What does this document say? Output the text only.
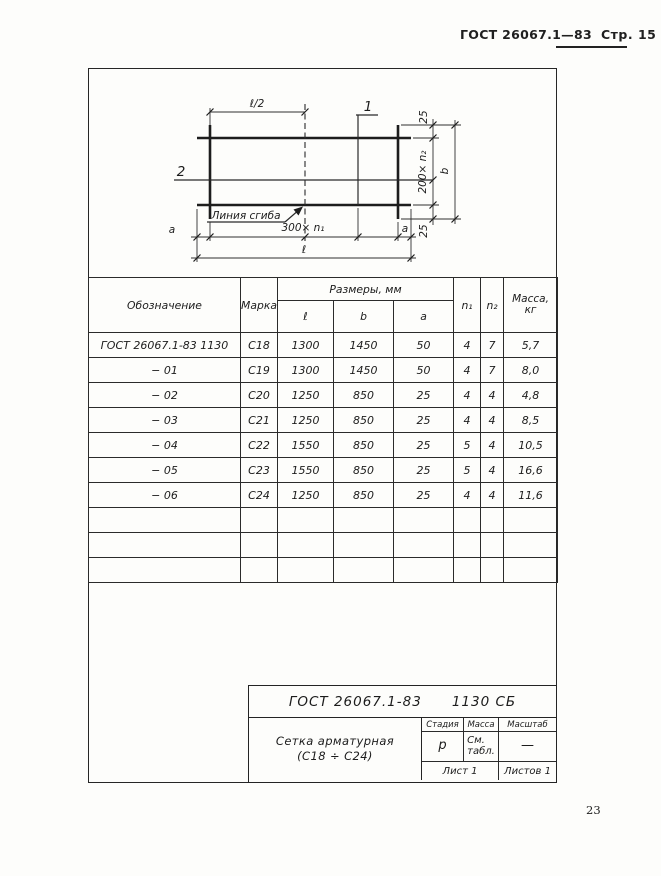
ГОСТ 26067.1—83 Стр. 15
ℓ/2	1
2
Линия сгиба
a	300× n₁	a
ℓ
25
200× n₂
25
b
Обозначение	Марка	Размеры, мм			n₁	n₂	Масса,
кг

		ℓ	b	a			
ГОСТ 26067.1-83 1130	С18	1300	1450	50	4	7	5,7
− 01	С19	1300	1450	50	4	7	8,0
− 02	С20	1250	850	25	4	4	4,8
− 03	С21	1250	850	25	4	4	8,5
− 04	С22	1550	850	25	5	4	10,5
− 05	С23	1550	850	25	5	4	16,6
− 06	С24	1250	850	25	4	4	11,6

ГОСТ 26067.1-83 1130 СБ
Сетка арматурная
(С18 ÷ С24)
Стадия	Масса	Масштаб
р	См.
табл.	—
Лист 1	Листов 1
23
